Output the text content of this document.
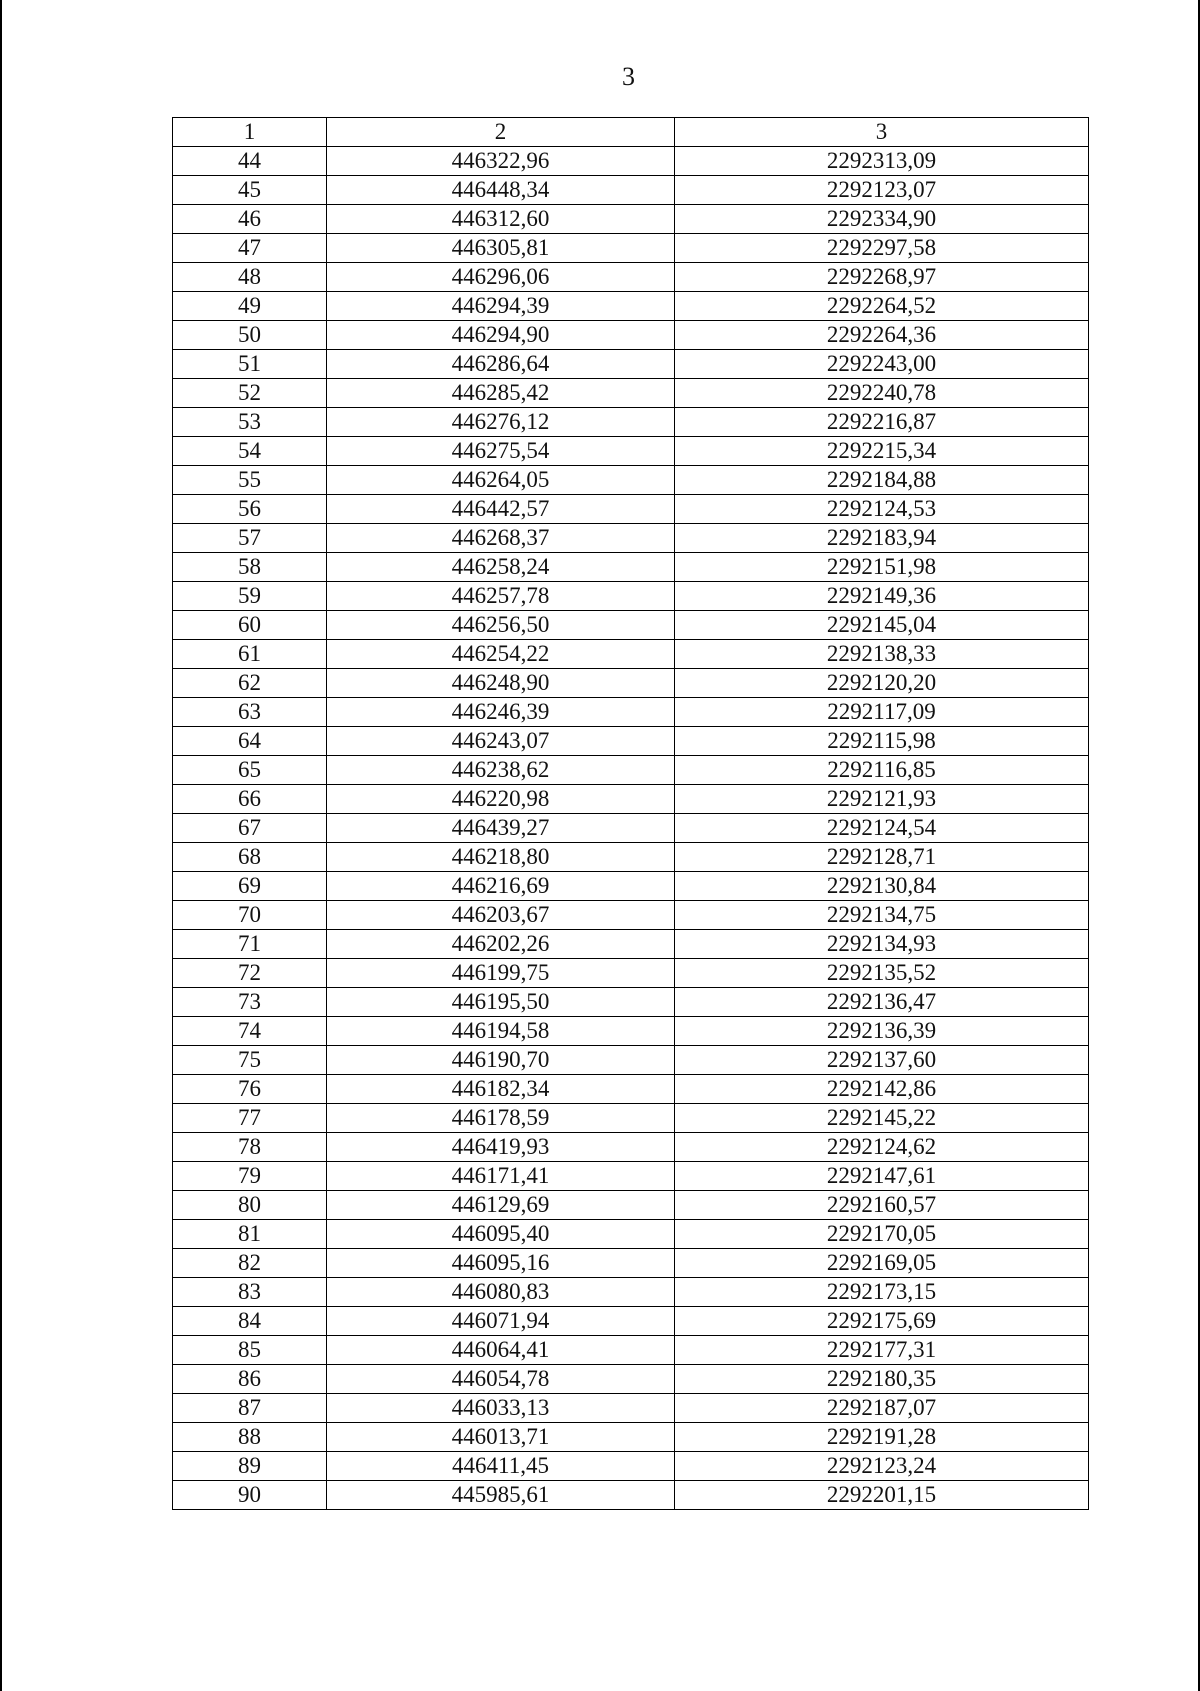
3
1	2	3
44	446322,96	2292313,09
45	446448,34	2292123,07
46	446312,60	2292334,90
47	446305,81	2292297,58
48	446296,06	2292268,97
49	446294,39	2292264,52
50	446294,90	2292264,36
51	446286,64	2292243,00
52	446285,42	2292240,78
53	446276,12	2292216,87
54	446275,54	2292215,34
55	446264,05	2292184,88
56	446442,57	2292124,53
57	446268,37	2292183,94
58	446258,24	2292151,98
59	446257,78	2292149,36
60	446256,50	2292145,04
61	446254,22	2292138,33
62	446248,90	2292120,20
63	446246,39	2292117,09
64	446243,07	2292115,98
65	446238,62	2292116,85
66	446220,98	2292121,93
67	446439,27	2292124,54
68	446218,80	2292128,71
69	446216,69	2292130,84
70	446203,67	2292134,75
71	446202,26	2292134,93
72	446199,75	2292135,52
73	446195,50	2292136,47
74	446194,58	2292136,39
75	446190,70	2292137,60
76	446182,34	2292142,86
77	446178,59	2292145,22
78	446419,93	2292124,62
79	446171,41	2292147,61
80	446129,69	2292160,57
81	446095,40	2292170,05
82	446095,16	2292169,05
83	446080,83	2292173,15
84	446071,94	2292175,69
85	446064,41	2292177,31
86	446054,78	2292180,35
87	446033,13	2292187,07
88	446013,71	2292191,28
89	446411,45	2292123,24
90	445985,61	2292201,15
